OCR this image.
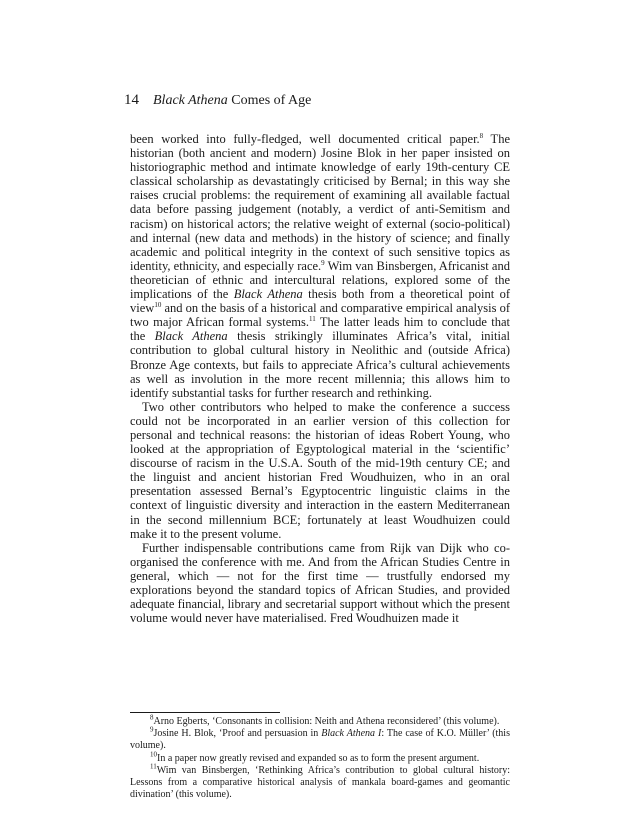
14 Black Athena Comes of Age

been worked into fully-fledged, well documented critical paper.$^8$ The historian (both ancient and modern) Josine Blok in her paper insisted on historiographic method and intimate knowledge of early 19th-century CE classical scholarship as devastatingly criticised by Bernal; in this way she raises crucial problems: the requirement of examining all available factual data before passing judgement (notably, a verdict of anti-Semitism and racism) on historical actors; the relative weight of external (socio-political) and internal (new data and methods) in the history of science; and finally academic and political integrity in the context of such sensitive topics as identity, ethnicity, and especially race.$^9$ Wim van Binsbergen, Africanist and theoretician of ethnic and intercultural relations, explored some of the implications of the Black Athena thesis both from a theoretical point of view$^{10}$ and on the basis of a historical and comparative empirical analysis of two major African formal systems.$^{11}$ The latter leads him to conclude that the Black Athena thesis strikingly illuminates Africa’s vital, initial contribution to global cultural history in Neolithic and (outside Africa) Bronze Age contexts, but fails to appreciate Africa’s cultural achievements as well as involution in the more recent millennia; this allows him to identify substantial tasks for further research and rethinking.

Two other contributors who helped to make the conference a success could not be incorporated in an earlier version of this collection for personal and technical reasons: the historian of ideas Robert Young, who looked at the appropriation of Egyptological material in the ‘scientific’ discourse of racism in the U.S.A. South of the mid-19th century CE; and the linguist and ancient historian Fred Woudhuizen, who in an oral presentation assessed Bernal’s Egyptocentric linguistic claims in the context of linguistic diversity and interaction in the eastern Mediterranean in the second millennium BCE; fortunately at least Woudhuizen could make it to the present volume.

Further indispensable contributions came from Rijk van Dijk who co-organised the conference with me. And from the African Studies Centre in general, which — not for the first time — trustfully endorsed my explorations beyond the standard topics of African Studies, and provided adequate financial, library and secretarial support without which the present volume would never have materialised. Fred Woudhuizen made it

$^8$Arno Egberts, ‘Consonants in collision: Neith and Athena reconsidered’ (this volume).

$^9$Josine H. Blok, ‘Proof and persuasion in Black Athena I: The case of K.O. Müller’ (this volume).

$^{10}$In a paper now greatly revised and expanded so as to form the present argument.

$^{11}$Wim van Binsbergen, ‘Rethinking Africa’s contribution to global cultural history: Lessons from a comparative historical analysis of mankala board-games and geomantic divination’ (this volume).
